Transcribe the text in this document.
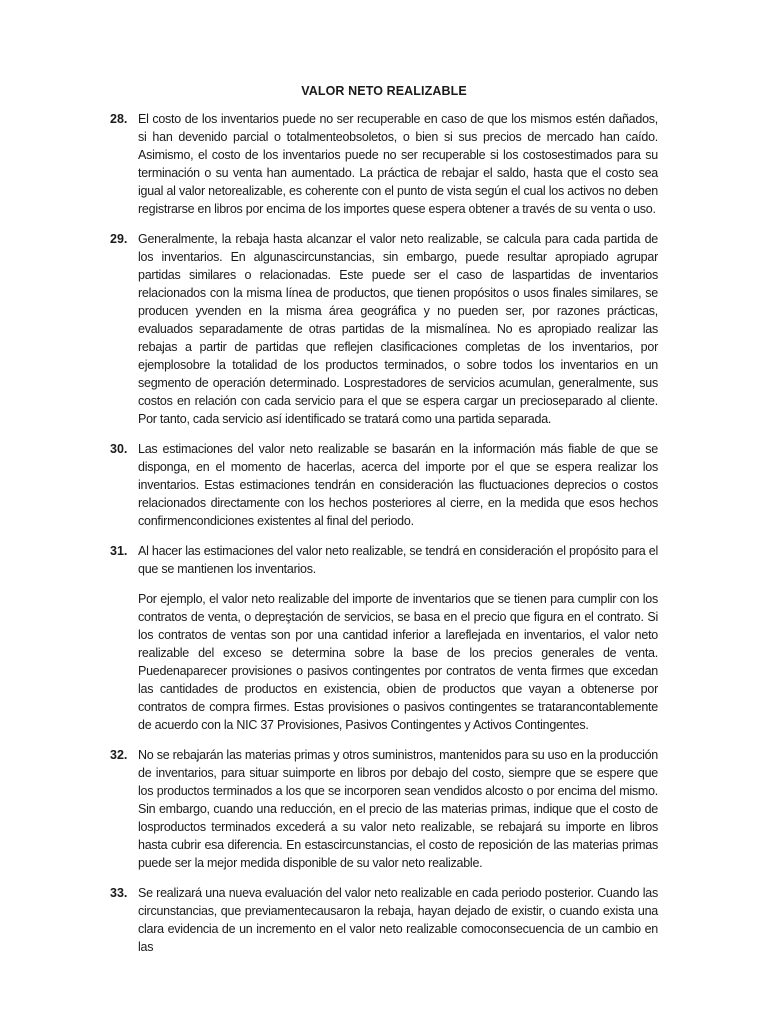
VALOR NETO REALIZABLE
28. El costo de los inventarios puede no ser recuperable en caso de que los mismos estén dañados, si han devenido parcial o totalmenteobsoletos, o bien si sus precios de mercado han caído. Asimismo, el costo de los inventarios puede no ser recuperable si los costosestimados para su terminación o su venta han aumentado. La práctica de rebajar el saldo, hasta que el costo sea igual al valor netorealizable, es coherente con el punto de vista según el cual los activos no deben registrarse en libros por encima de los importes quese espera obtener a través de su venta o uso.

29. Generalmente, la rebaja hasta alcanzar el valor neto realizable, se calcula para cada partida de los inventarios. En algunascircunstancias, sin embargo, puede resultar apropiado agrupar partidas similares o relacionadas. Este puede ser el caso de laspartidas de inventarios relacionados con la misma línea de productos, que tienen propósitos o usos finales similares, se producen yvenden en la misma área geográfica y no pueden ser, por razones prácticas, evaluados separadamente de otras partidas de la mismalínea. No es apropiado realizar las rebajas a partir de partidas que reflejen clasificaciones completas de los inventarios, por ejemplosobre la totalidad de los productos terminados, o sobre todos los inventarios en un segmento de operación determinado. Losprestadores de servicios acumulan, generalmente, sus costos en relación con cada servicio para el que se espera cargar un precioseparado al cliente. Por tanto, cada servicio así identificado se tratará como una partida separada.

30. Las estimaciones del valor neto realizable se basarán en la información más fiable de que se disponga, en el momento de hacerlas, acerca del importe por el que se espera realizar los inventarios. Estas estimaciones tendrán en consideración las fluctuaciones deprecios o costos relacionados directamente con los hechos posteriores al cierre, en la medida que esos hechos confirmencondiciones existentes al final del periodo.

31. Al hacer las estimaciones del valor neto realizable, se tendrá en consideración el propósito para el que se mantienen los inventarios.

Por ejemplo, el valor neto realizable del importe de inventarios que se tienen para cumplir con los contratos de venta, o depreştación de servicios, se basa en el precio que figura en el contrato. Si los contratos de ventas son por una cantidad inferior a lareflejada en inventarios, el valor neto realizable del exceso se determina sobre la base de los precios generales de venta. Puedenaparecer provisiones o pasivos contingentes por contratos de venta firmes que excedan las cantidades de productos en existencia, obien de productos que vayan a obtenerse por contratos de compra firmes. Estas provisiones o pasivos contingentes se tratarancontablemente de acuerdo con la NIC 37 Provisiones, Pasivos Contingentes y Activos Contingentes.

32. No se rebajarán las materias primas y otros suministros, mantenidos para su uso en la producción de inventarios, para situar suimporte en libros por debajo del costo, siempre que se espere que los productos terminados a los que se incorporen sean vendidos alcosto o por encima del mismo. Sin embargo, cuando una reducción, en el precio de las materias primas, indique que el costo de losproductos terminados excederá a su valor neto realizable, se rebajará su importe en libros hasta cubrir esa diferencia. En estascircunstancias, el costo de reposición de las materias primas puede ser la mejor medida disponible de su valor neto realizable.

33. Se realizará una nueva evaluación del valor neto realizable en cada periodo posterior. Cuando las circunstancias, que previamentecausaron la rebaja, hayan dejado de existir, o cuando exista una clara evidencia de un incremento en el valor neto realizable comoconsecuencia de un cambio en las
